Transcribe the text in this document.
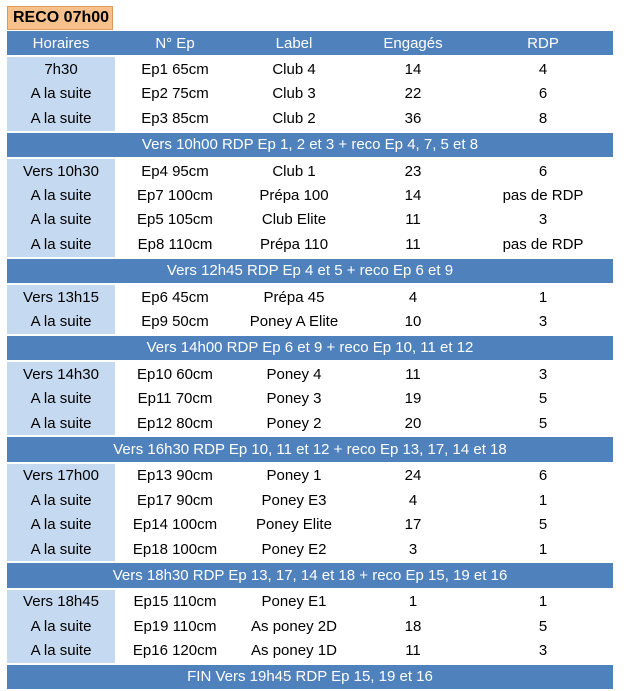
RECO 07h00
Horaires	N° Ep	Label	Engagés	RDP
7h30	Ep1 65cm	Club 4	14	4
A la suite	Ep2 75cm	Club 3	22	6
A la suite	Ep3 85cm	Club 2	36	8
Vers 10h00 RDP Ep 1, 2 et 3 + reco Ep 4, 7, 5 et 8				
Vers 10h30	Ep4 95cm	Club 1	23	6
A la suite	Ep7 100cm	Prépa 100	14	pas de RDP
A la suite	Ep5 105cm	Club Elite	11	3
A la suite	Ep8 110cm	Prépa 110	11	pas de RDP
Vers 12h45 RDP Ep 4 et 5 + reco Ep 6 et 9				
Vers 13h15	Ep6 45cm	Prépa 45	4	1
A la suite	Ep9 50cm	Poney A Elite	10	3
Vers 14h00 RDP Ep 6 et 9 + reco Ep 10, 11 et 12				
Vers 14h30	Ep10 60cm	Poney 4	11	3
A la suite	Ep11 70cm	Poney 3	19	5
A la suite	Ep12 80cm	Poney 2	20	5
Vers 16h30 RDP Ep 10, 11 et 12 + reco Ep 13, 17, 14 et 18				
Vers 17h00	Ep13 90cm	Poney 1	24	6
A la suite	Ep17 90cm	Poney E3	4	1
A la suite	Ep14 100cm	Poney Elite	17	5
A la suite	Ep18 100cm	Poney E2	3	1
Vers 18h30 RDP Ep 13, 17, 14 et 18 + reco Ep 15, 19 et 16				
Vers 18h45	Ep15 110cm	Poney E1	1	1
A la suite	Ep19 110cm	As poney 2D	18	5
A la suite	Ep16 120cm	As poney 1D	11	3
FIN Vers 19h45 RDP Ep 15, 19 et 16				
